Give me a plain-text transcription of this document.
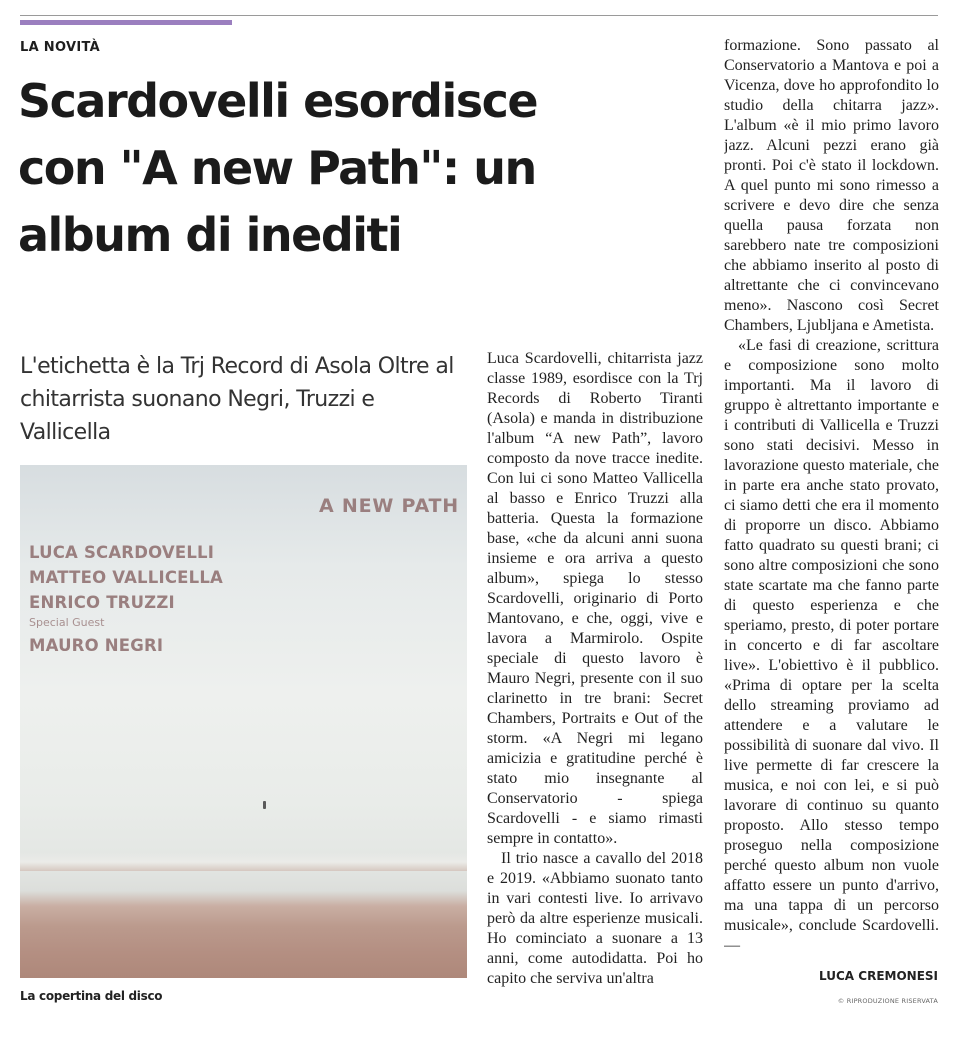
LA NOVITÀ
Scardovelli esordisce con "A new Path": un album di inediti
L'etichetta è la Trj Record di Asola Oltre al chitarrista suonano Negri, Truzzi e Vallicella
A NEW PATH
LUCA SCARDOVELLI
MATTEO VALLICELLA
ENRICO TRUZZI
Special Guest
MAURO NEGRI
La copertina del disco

Luca Scardovelli, chitarrista jazz classe 1989, esordisce con la Trj Records di Roberto Tiranti (Asola) e manda in distribuzione l'album “A new Path”, lavoro composto da nove tracce inedite. Con lui ci sono Matteo Vallicella al basso e Enrico Truzzi alla batteria. Questa la formazione base, «che da alcuni anni suona insieme e ora arriva a questo album», spiega lo stesso Scardovelli, originario di Porto Mantovano, e che, oggi, vive e lavora a Marmirolo. Ospite speciale di questo lavoro è Mauro Negri, presente con il suo clarinetto in tre brani: Secret Chambers, Portraits e Out of the storm. «A Negri mi legano amicizia e gratitudine perché è stato mio insegnante al Conservatorio - spiega Scardovelli - e siamo rimasti sempre in contatto».

Il trio nasce a cavallo del 2018 e 2019. «Abbiamo suonato tanto in vari contesti live. Io arrivavo però da altre esperienze musicali. Ho cominciato a suonare a 13 anni, come autodidatta. Poi ho capito che serviva un'altra

formazione. Sono passato al Conservatorio a Mantova e poi a Vicenza, dove ho approfondito lo studio della chitarra jazz». L'album «è il mio primo lavoro jazz. Alcuni pezzi erano già pronti. Poi c'è stato il lockdown. A quel punto mi sono rimesso a scrivere e devo dire che senza quella pausa forzata non sarebbero nate tre composizioni che abbiamo inserito al posto di altrettante che ci convincevano meno». Nascono così Secret Chambers, Ljubljana e Ametista.

«Le fasi di creazione, scrittura e composizione sono molto importanti. Ma il lavoro di gruppo è altrettanto importante e i contributi di Vallicella e Truzzi sono stati decisivi. Messo in lavorazione questo materiale, che in parte era anche stato provato, ci siamo detti che era il momento di proporre un disco. Abbiamo fatto quadrato su questi brani; ci sono altre composizioni che sono state scartate ma che fanno parte di questo esperienza e che speriamo, presto, di poter portare in concerto e di far ascoltare live». L'obiettivo è il pubblico. «Prima di optare per la scelta dello streaming proviamo ad attendere e a valutare le possibilità di suonare dal vivo. Il live permette di far crescere la musica, e noi con lei, e si può lavorare di continuo su quanto proposto. Allo stesso tempo proseguo nella composizione perché questo album non vuole affatto essere un punto d'arrivo, ma una tappa di un percorso musicale», conclude Scardovelli. —

LUCA CREMONESI
© RIPRODUZIONE RISERVATA
